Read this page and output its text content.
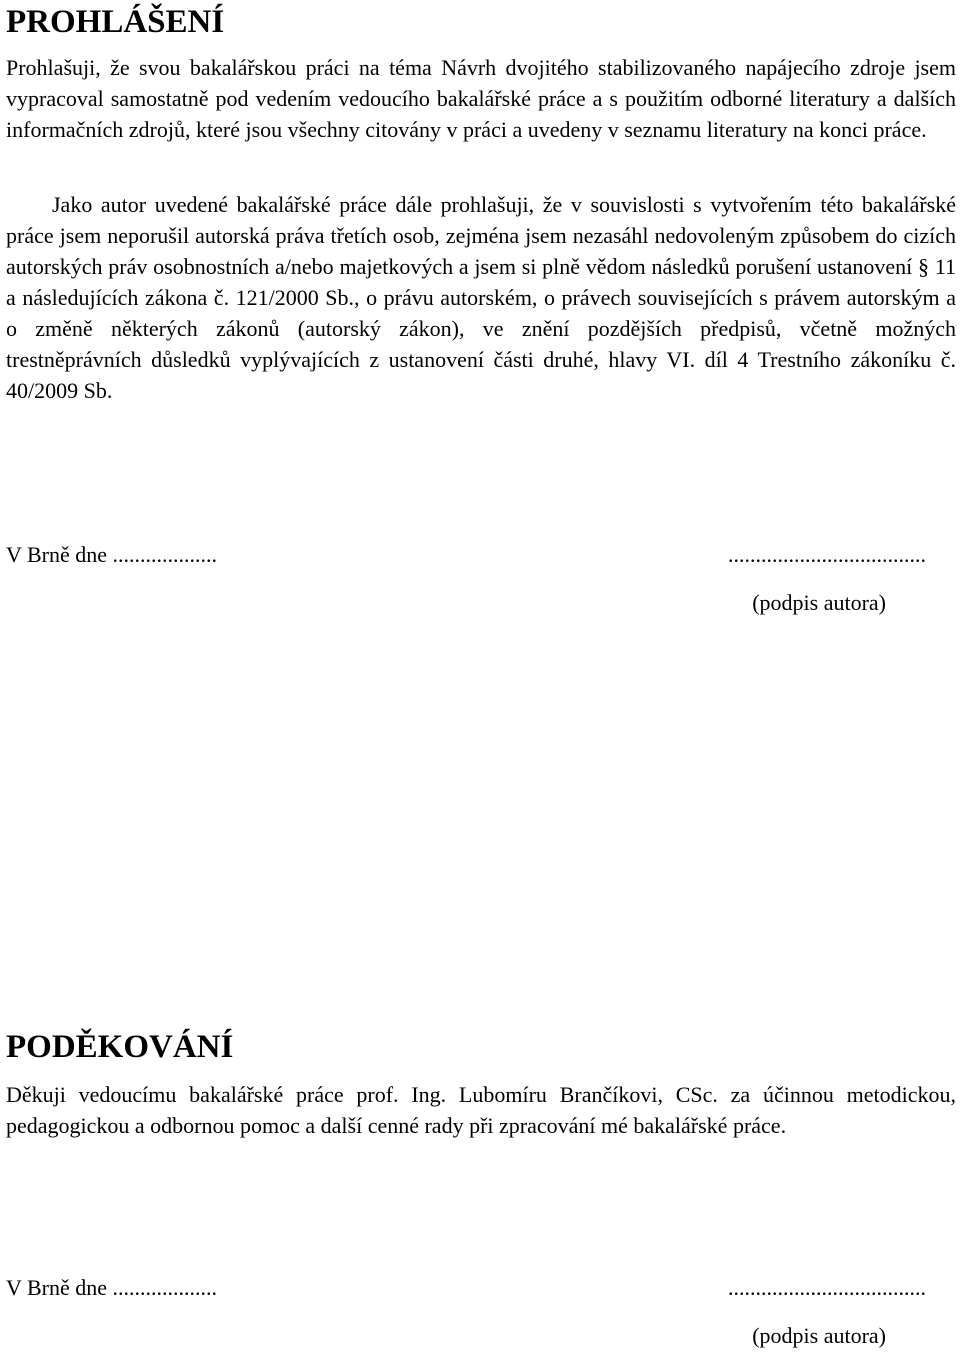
PROHLÁŠENÍ

Prohlašuji, že svou bakalářskou práci na téma Návrh dvojitého stabilizovaného napájecího zdroje jsem vypracoval samostatně pod vedením vedoucího bakalářské práce a s použitím odborné literatury a dalších informačních zdrojů, které jsou všechny citovány v práci a uvedeny v seznamu literatury na konci práce.

Jako autor uvedené bakalářské práce dále prohlašuji, že v souvislosti s vytvořením této bakalářské práce jsem neporušil autorská práva třetích osob, zejména jsem nezasáhl nedovoleným způsobem do cizích autorských práv osobnostních a/nebo majetkových a jsem si plně vědom následků porušení ustanovení § 11 a následujících zákona č. 121/2000 Sb., o právu autorském, o právech souvisejících s právem autorským a o změně některých zákonů (autorský zákon), ve znění pozdějších předpisů, včetně možných trestněprávních důsledků vyplývajících z ustanovení části druhé, hlavy VI. díl 4 Trestního zákoníku č. 40/2009 Sb.

V Brně dne ...................	....................................
(podpis autora)
PODĚKOVÁNÍ

Děkuji vedoucímu bakalářské práce prof. Ing. Lubomíru Brančíkovi, CSc. za účinnou metodickou, pedagogickou a odbornou pomoc a další cenné rady při zpracování mé bakalářské práce.

V Brně dne ...................	....................................
(podpis autora)
